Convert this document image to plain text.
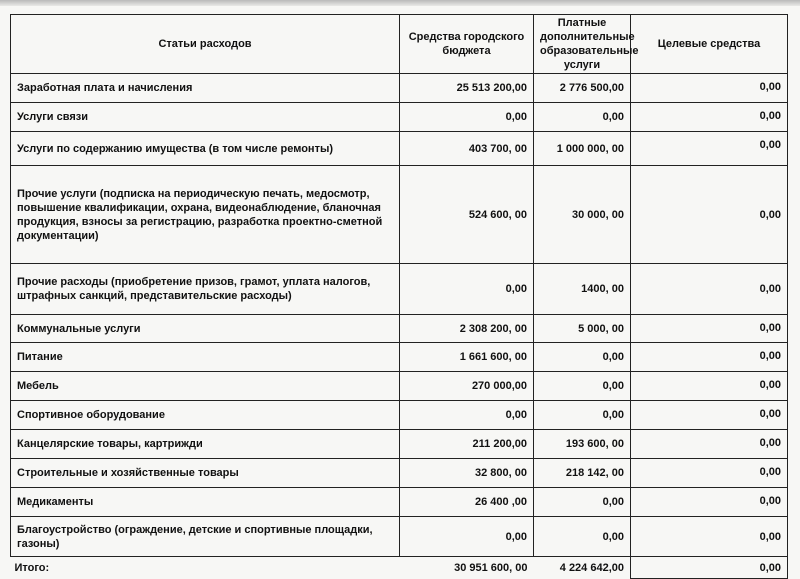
Статьи расходов	Средства городского бюджета	Платные дополнительные образовательные услуги	Целевые средства
Заработная плата и начисления	25 513 200,00	2 776 500,00	0,00
Услуги связи	0,00	0,00	0,00
Услуги по содержанию имущества (в том числе ремонты)	403 700, 00	1 000 000, 00	0,00
Прочие услуги (подписка на периодическую печать, медосмотр, повышение квалификации, охрана, видеонаблюдение, бланочная продукция, взносы за регистрацию, разработка проектно-сметной документации)	524 600, 00	30 000, 00	0,00
Прочие расходы (приобретение призов, грамот, уплата налогов, штрафных санкций, представительские расходы)	0,00	1400, 00	0,00
Коммунальные услуги	2 308 200, 00	5 000, 00	0,00
Питание	1 661 600, 00	0,00	0,00
Мебель	270 000,00	0,00	0,00
Спортивное оборудование	0,00	0,00	0,00
Канцелярские товары, картрижди	211 200,00	193 600, 00	0,00
Строительные и хозяйственные товары	32 800, 00	218 142, 00	0,00
Медикаменты	26 400 ,00	0,00	0,00
Благоустройство (ограждение, детские и спортивные площадки, газоны)	0,00	0,00	0,00
Итого:	30 951 600, 00	4 224 642,00	0,00
